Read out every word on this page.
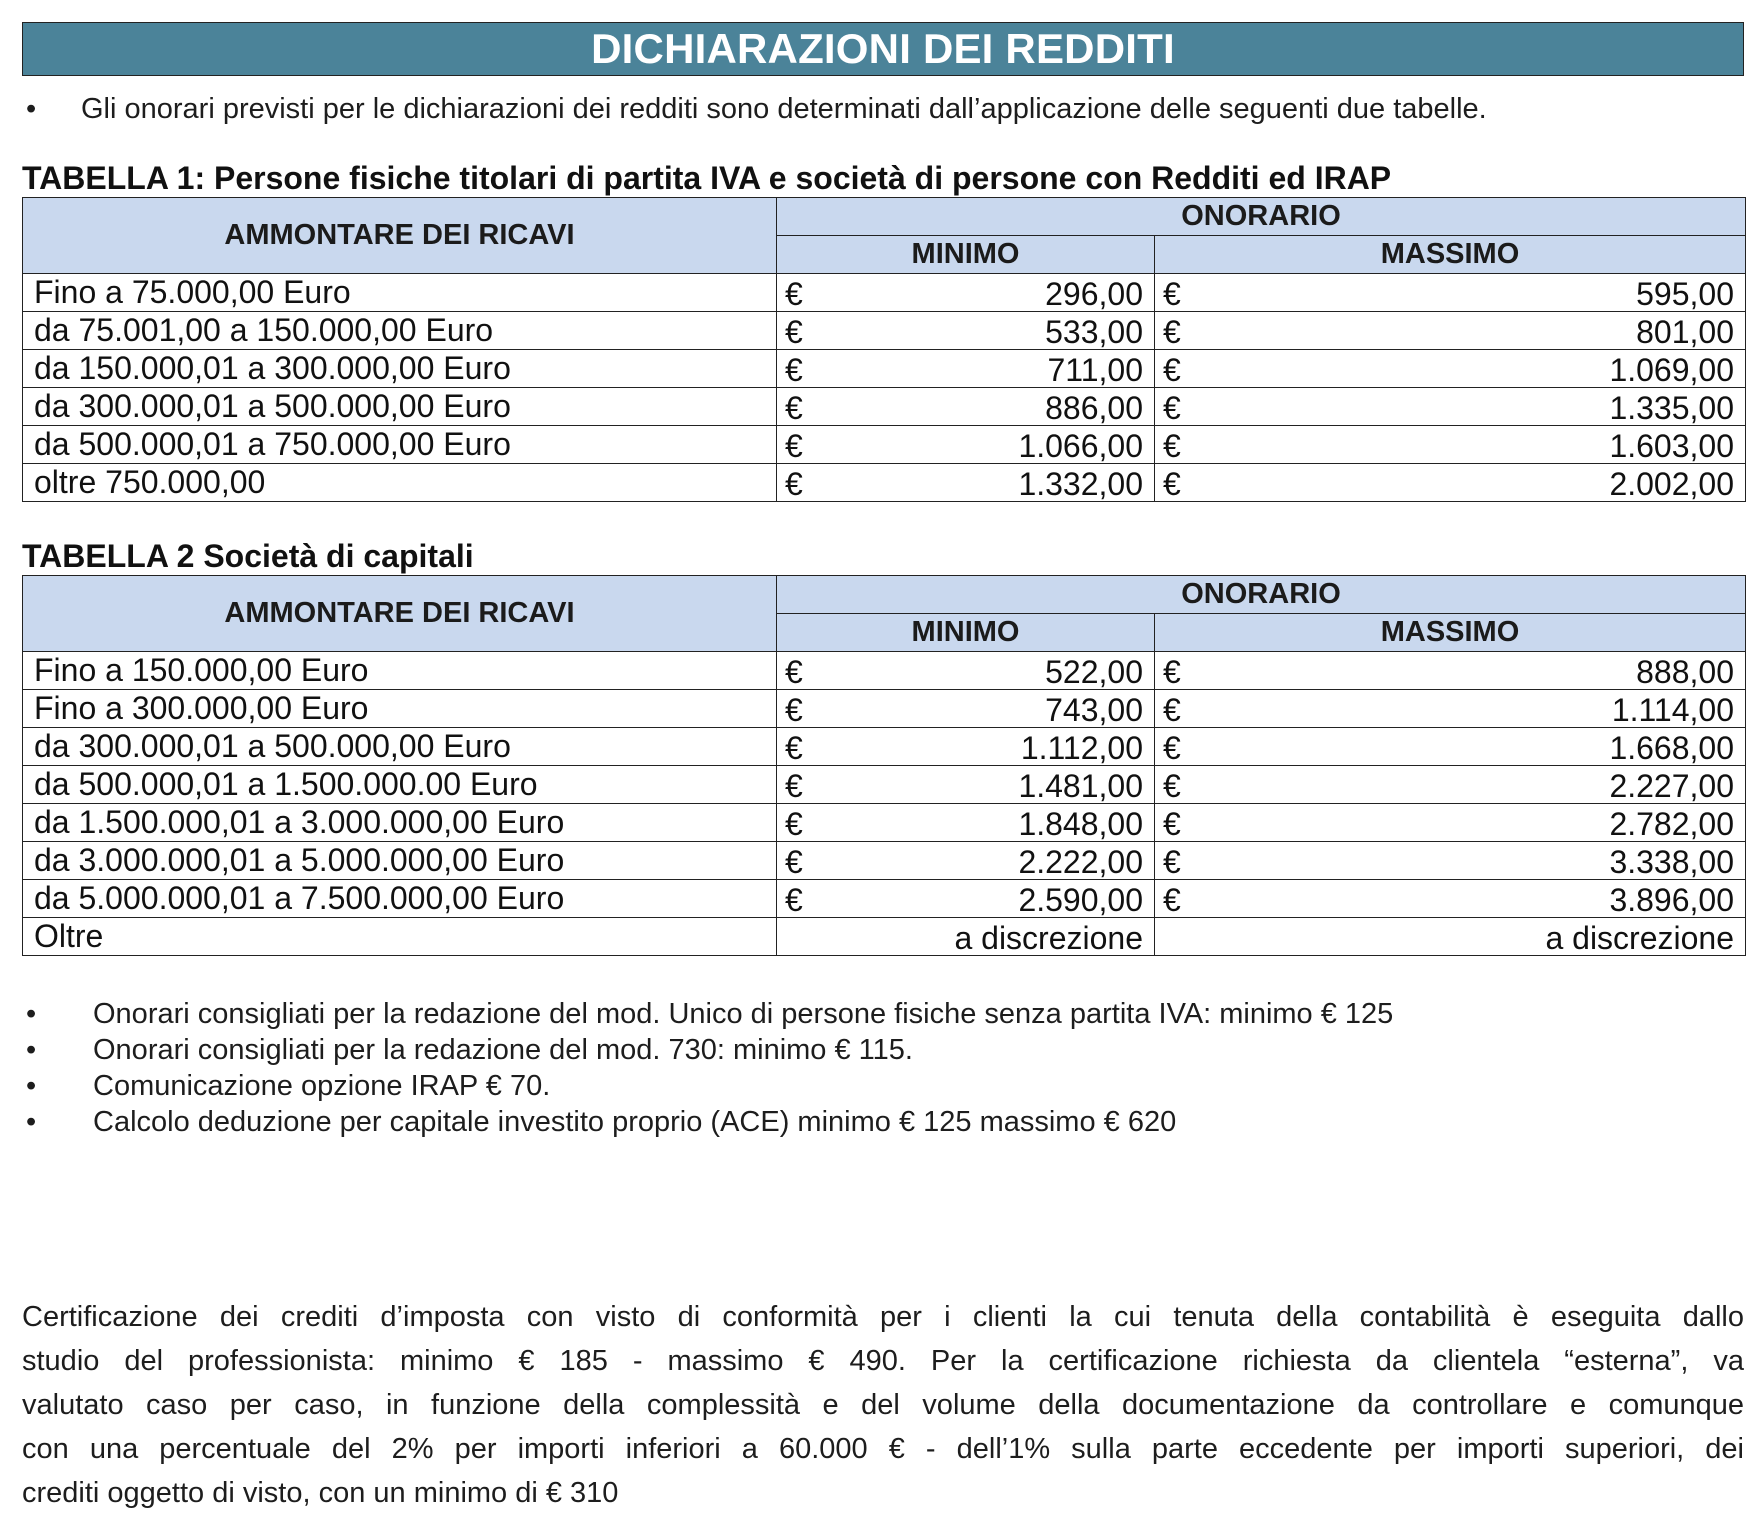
DICHIARAZIONI DEI REDDITI
• Gli onorari previsti per le dichiarazioni dei redditi sono determinati dall’applicazione delle seguenti due tabelle.
TABELLA 1: Persone fisiche titolari di partita IVA e società di persone con Redditi ed IRAP
AMMONTARE DEI RICAVI	ONORARIO	
	MINIMO	MASSIMO
Fino a 75.000,00 Euro	€ 296,00	€ 595,00

da 75.001,00 a 150.000,00 Euro	€ 533,00	€ 801,00

da 150.000,01 a 300.000,00 Euro	€ 711,00	€ 1.069,00

da 300.000,01 a 500.000,00 Euro	€ 886,00	€ 1.335,00

da 500.000,01 a 750.000,00 Euro	€ 1.066,00	€ 1.603,00

oltre 750.000,00	€ 1.332,00	€ 2.002,00
TABELLA 2 Società di capitali
AMMONTARE DEI RICAVI	ONORARIO	
	MINIMO	MASSIMO
Fino a 150.000,00 Euro	€ 522,00	€ 888,00

Fino a 300.000,00 Euro	€ 743,00	€ 1.114,00

da 300.000,01 a 500.000,00 Euro	€ 1.112,00	€ 1.668,00

da 500.000,01 a 1.500.000.00 Euro	€ 1.481,00	€ 2.227,00

da 1.500.000,01 a 3.000.000,00 Euro	€ 1.848,00	€ 2.782,00

da 3.000.000,01 a 5.000.000,00 Euro	€ 2.222,00	€ 3.338,00

da 5.000.000,01 a 7.500.000,00 Euro	€ 2.590,00	€ 3.896,00

Oltre	a discrezione	a discrezione
• Onorari consigliati per la redazione del mod. Unico di persone fisiche senza partita IVA: minimo € 125
• Onorari consigliati per la redazione del mod. 730: minimo € 115.
• Comunicazione opzione IRAP € 70.
• Calcolo deduzione per capitale investito proprio (ACE) minimo € 125 massimo € 620
Certificazione dei crediti d’imposta con visto di conformità per i clienti la cui tenuta della contabilità è eseguita dallo
studio del professionista: minimo € 185 - massimo € 490. Per la certificazione richiesta da clientela “esterna”, va
valutato caso per caso, in funzione della complessità e del volume della documentazione da controllare e comunque
con una percentuale del 2% per importi inferiori a 60.000 € - dell’1% sulla parte eccedente per importi superiori, dei
crediti oggetto di visto, con un minimo di € 310
